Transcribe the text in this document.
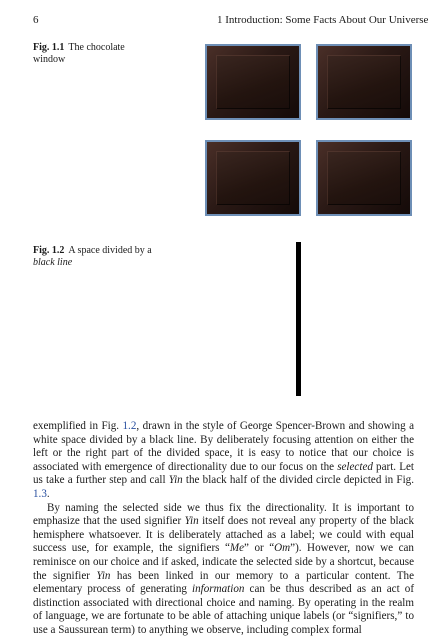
6	1 Introduction: Some Facts About Our Universe
Fig. 1.1 The chocolate window
Fig. 1.2 A space divided by a black line

exemplified in Fig. 1.2, drawn in the style of George Spencer-Brown and showing a white space divided by a black line. By deliberately focusing attention on either the left or the right part of the divided space, it is easy to notice that our choice is associated with emergence of directionality due to our focus on the selected part. Let us take a further step and call Yin the black half of the divided circle depicted in Fig. 1.3.

By naming the selected side we thus fix the directionality. It is important to emphasize that the used signifier Yin itself does not reveal any property of the black hemisphere whatsoever. It is deliberately attached as a label; we could with equal success use, for example, the signifiers “Me” or “Om”). However, now we can reminisce on our choice and if asked, indicate the selected side by a shortcut, because the signifier Yin has been linked in our memory to a particular content. The elementary process of generating information can be thus described as an act of distinction associated with directional choice and naming. By operating in the realm of language, we are fortunate to be able of attaching unique labels (or “signifiers,” to use a Saussurean term) to anything we observe, including complex formal
